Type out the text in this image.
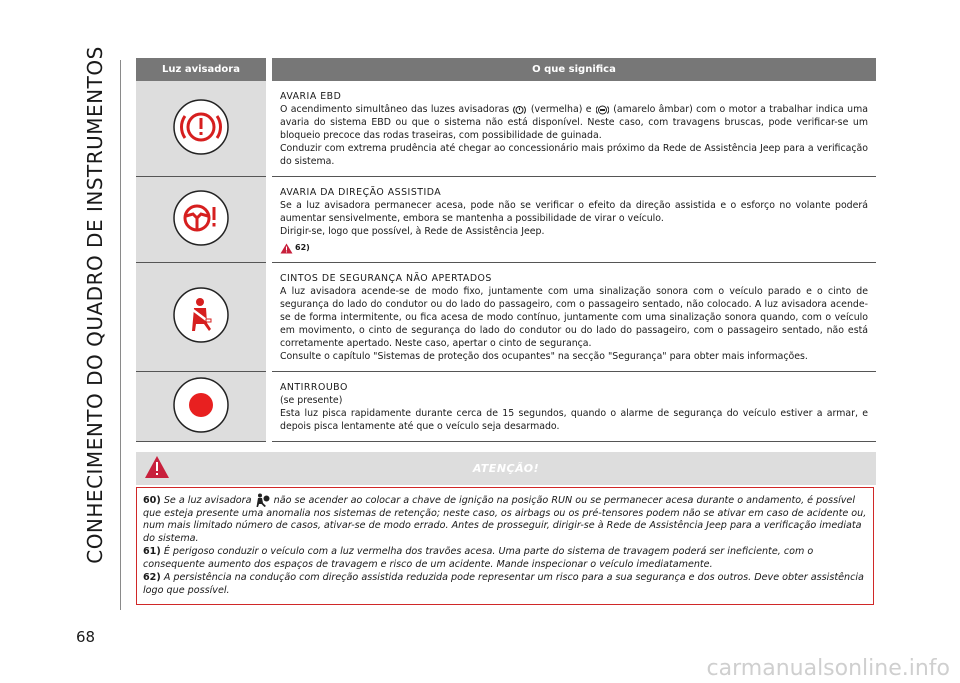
CONHECIMENTO DO QUADRO DE INSTRUMENTOS
68
Luz avisadora		O que significa

AVARIA EBD
O acendimento simultâneo das luzes avisadoras (vermelha) e (amarelo âmbar) com o motor a trabalhar indica uma avaria do sistema EBD ou que o sistema não está disponível. Neste caso, com travagens bruscas, pode verificar-se um bloqueio precoce das rodas traseiras, com possibilidade de guinada.
Conduzir com extrema prudência até chegar ao concessionário mais próximo da Rede de Assistência Jeep para a verificação do sistema.

AVARIA DA DIREÇÃO ASSISTIDA
Se a luz avisadora permanecer acesa, pode não se verificar o efeito da direção assistida e o esforço no volante poderá aumentar sensivelmente, embora se mantenha a possibilidade de virar o veículo.
Dirigir-se, logo que possível, à Rede de Assistência Jeep.
62)

CINTOS DE SEGURANÇA NÃO APERTADOS
A luz avisadora acende-se de modo fixo, juntamente com uma sinalização sonora com o veículo parado e o cinto de segurança do lado do condutor ou do lado do passageiro, com o passageiro sentado, não colocado. A luz avisadora acende-se de forma intermitente, ou fica acesa de modo contínuo, juntamente com uma sinalização sonora quando, com o veículo em movimento, o cinto de segurança do lado do condutor ou do lado do passageiro, com o passageiro sentado, não está corretamente apertado. Neste caso, apertar o cinto de segurança.
Consulte o capítulo "Sistemas de proteção dos ocupantes" na secção "Segurança" para obter mais informações.

ANTIRROUBO
(se presente)
Esta luz pisca rapidamente durante cerca de 15 segundos, quando o alarme de segurança do veículo estiver a armar, e depois pisca lentamente até que o veículo seja desarmado.
ATENÇÃO!

60) Se a luz avisadora não se acender ao colocar a chave de ignição na posição RUN ou se permanecer acesa durante o andamento, é possível que esteja presente uma anomalia nos sistemas de retenção; neste caso, os airbags ou os pré-tensores podem não se ativar em caso de acidente ou, num mais limitado número de casos, ativar-se de modo errado. Antes de prosseguir, dirigir-se à Rede de Assistência Jeep para a verificação imediata do sistema.

61) É perigoso conduzir o veículo com a luz vermelha dos travões acesa. Uma parte do sistema de travagem poderá ser ineficiente, com o consequente aumento dos espaços de travagem e risco de um acidente. Mande inspecionar o veículo imediatamente.

62) A persistência na condução com direção assistida reduzida pode representar um risco para a sua segurança e dos outros. Deve obter assistência logo que possível.

carmanualsonline.info
